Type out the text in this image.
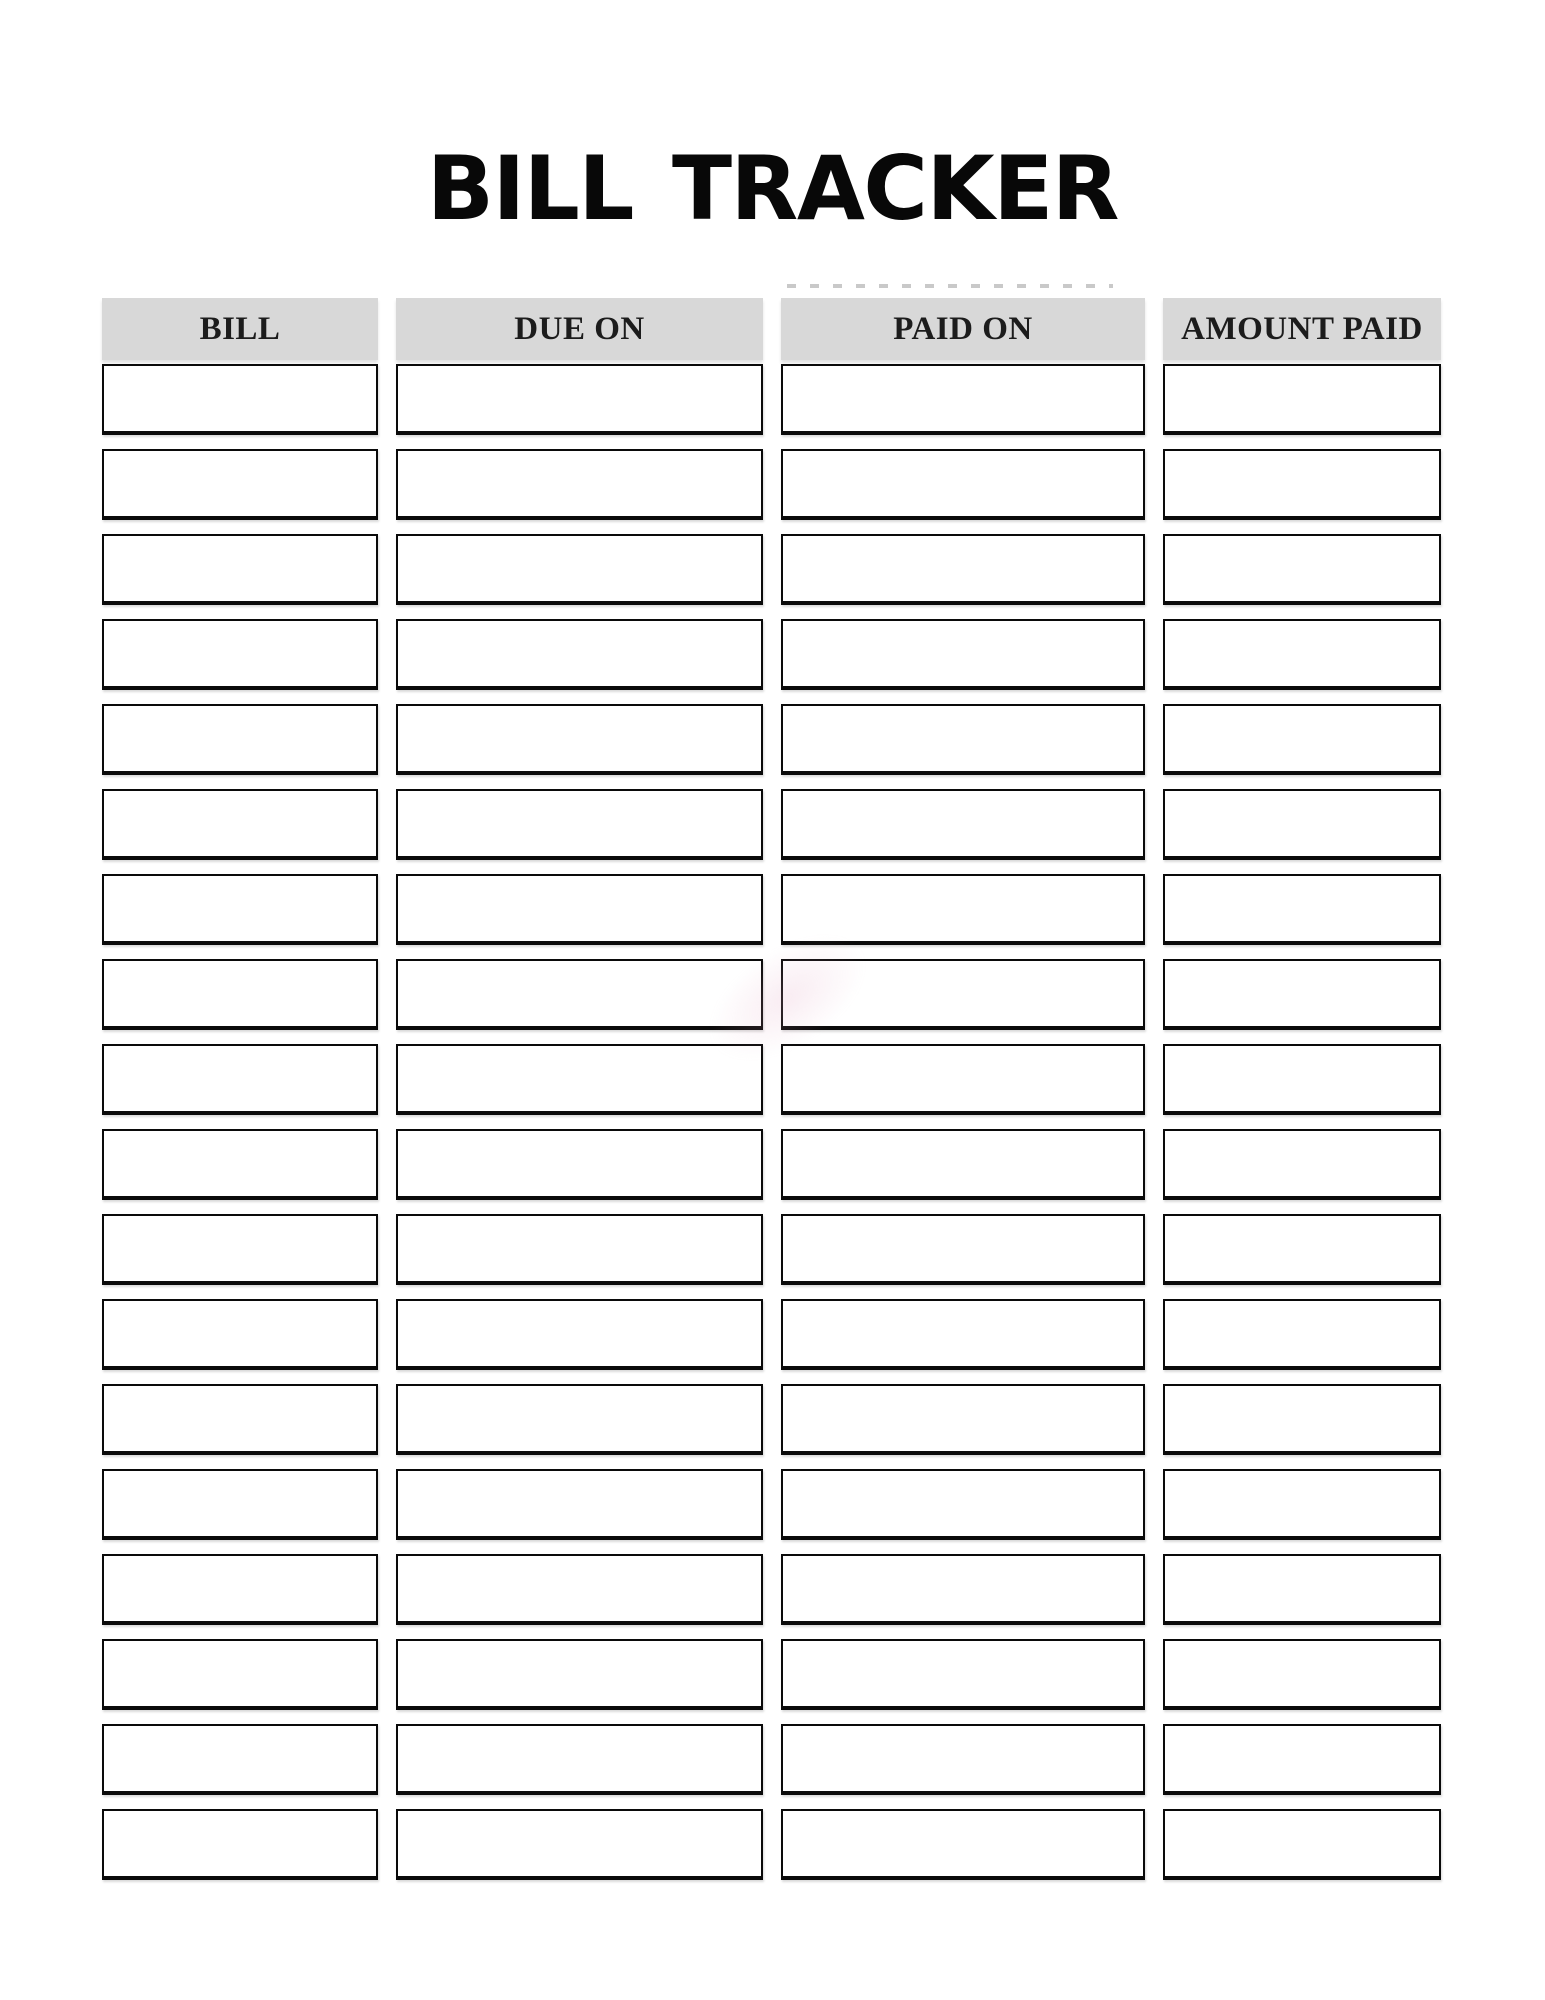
BILL TRACKER
BILL	DUE ON	PAID ON	AMOUNT PAID
